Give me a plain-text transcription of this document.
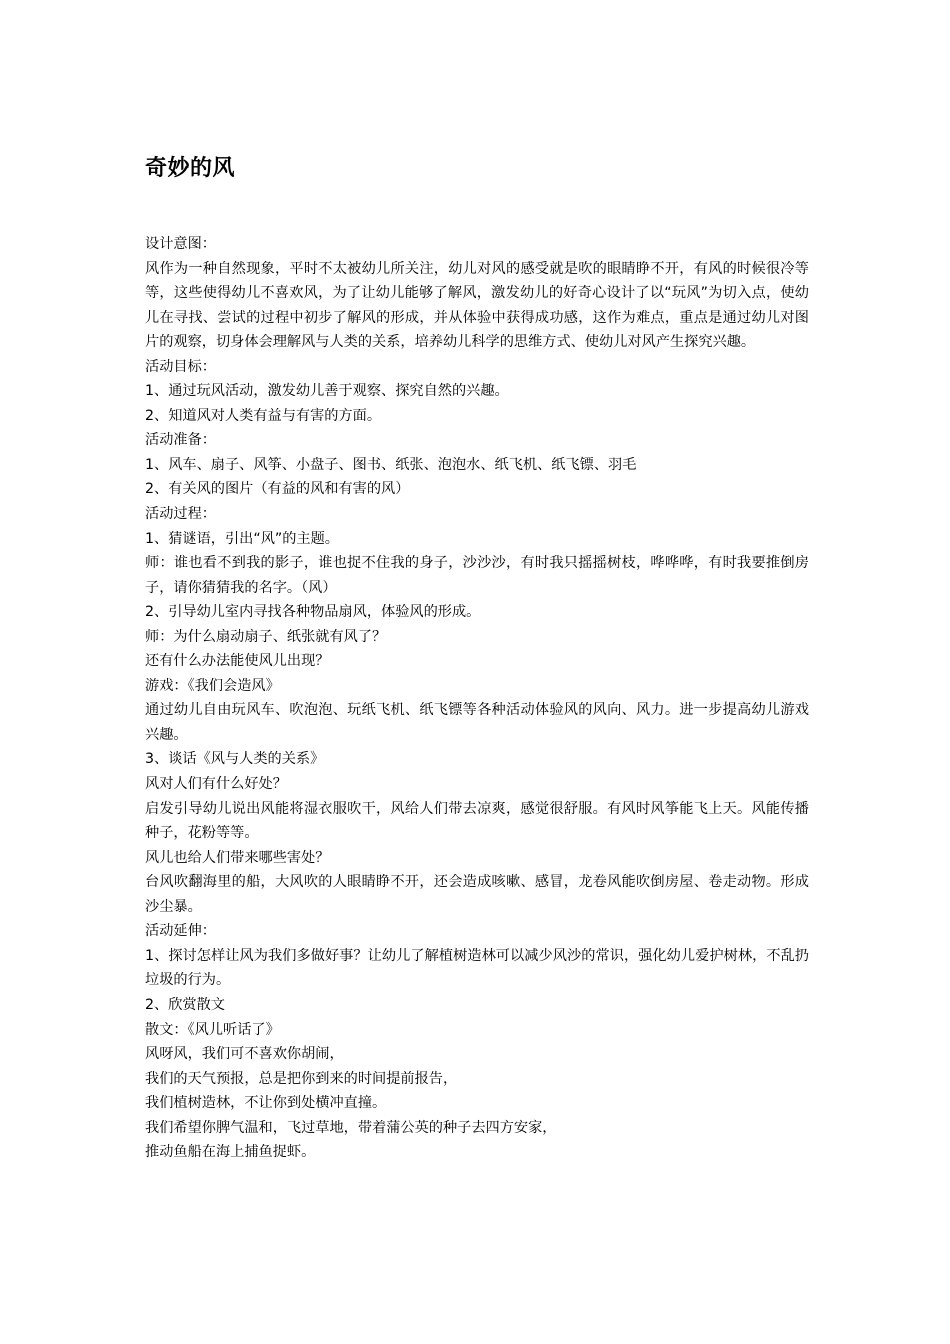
奇妙的风
设计意图：
风作为一种自然现象，平时不太被幼儿所关注，幼儿对风的感受就是吹的眼睛睁不开，有风的时候很冷等等，这些使得幼儿不喜欢风，为了让幼儿能够了解风，激发幼儿的好奇心设计了以“玩风”为切入点，使幼儿在寻找、尝试的过程中初步了解风的形成，并从体验中获得成功感，这作为难点，重点是通过幼儿对图片的观察，切身体会理解风与人类的关系，培养幼儿科学的思维方式、使幼儿对风产生探究兴趣。
活动目标：
1、通过玩风活动，激发幼儿善于观察、探究自然的兴趣。
2、知道风对人类有益与有害的方面。
活动准备：
1、风车、扇子、风筝、小盘子、图书、纸张、泡泡水、纸飞机、纸飞镖、羽毛
2、有关风的图片（有益的风和有害的风）
活动过程：
1、猜谜语，引出“风”的主题。
师：谁也看不到我的影子，谁也捉不住我的身子，沙沙沙，有时我只摇摇树枝，哗哗哗，有时我要推倒房子，请你猜猜我的名字。（风）
2、引导幼儿室内寻找各种物品扇风，体验风的形成。
师：为什么扇动扇子、纸张就有风了？
还有什么办法能使风儿出现？
游戏：《我们会造风》
通过幼儿自由玩风车、吹泡泡、玩纸飞机、纸飞镖等各种活动体验风的风向、风力。进一步提高幼儿游戏兴趣。
3、谈话《风与人类的关系》
风对人们有什么好处？
启发引导幼儿说出风能将湿衣服吹干，风给人们带去凉爽，感觉很舒服。有风时风筝能飞上天。风能传播种子，花粉等等。
风儿也给人们带来哪些害处？
台风吹翻海里的船，大风吹的人眼睛睁不开，还会造成咳嗽、感冒，龙卷风能吹倒房屋、卷走动物。形成沙尘暴。
活动延伸：
1、探讨怎样让风为我们多做好事？让幼儿了解植树造林可以减少风沙的常识，强化幼儿爱护树林，不乱扔垃圾的行为。
2、欣赏散文
散文：《风儿听话了》
风呀风，我们可不喜欢你胡闹，
我们的天气预报，总是把你到来的时间提前报告，
我们植树造林，不让你到处横冲直撞。
我们希望你脾气温和，飞过草地，带着蒲公英的种子去四方安家，
推动鱼船在海上捕鱼捉虾。
